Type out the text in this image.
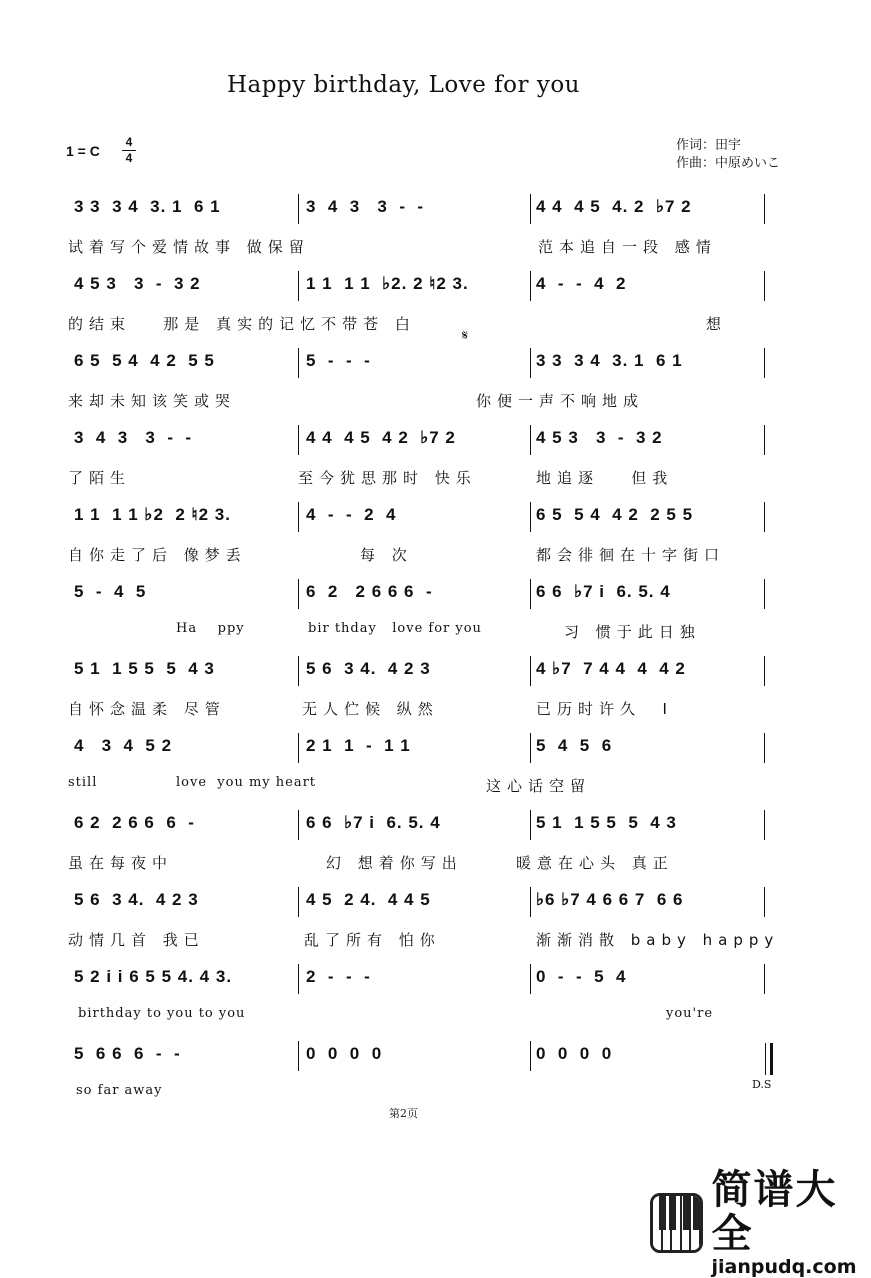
Happy birthday, Love for you
1 = C
4
4
作词：田宇
作曲：中原めいこ
𝄋
3 3  3 4  3. 1  6 1	3  4  3   3  -  -	4 4  4 5  4. 2  ♭7 2
试着写个爱情故事 做保留	范本追自一段 感情
4 5 3   3  -  3 2	1 1  1 1  ♭2. 2 ♮2 3.	4  -  -  4  2
的结束   那是 真实的记忆不带苍 白	想
6 5  5 4  4 2  5 5	5  -  -  -	3 3  3 4  3. 1  6 1
来却未知该笑或哭	你便一声不响地成
3  4  3   3  -  -	4 4  4 5  4 2  ♭7 2	4 5 3   3  -  3 2
了陌生	至今犹思那时 快乐	地追逐   但我
1 1  1 1 ♭2  2 ♮2 3.	4  -  -  2  4	6 5  5 4  4 2  2 5 5
自你走了后 像梦丢	每 次	都会徘徊在十字街口
5  -  4  5	6  2   2 6 6 6  -	6 6  ♭7 i  6. 5. 4
Ha    ppy	bir thday   love for you	习 惯于此日独
5 1  1 5 5  5  4 3	5 6  3 4.  4 2 3	4 ♭7  7 4 4  4  4 2
自怀念温柔 尽管	无人伫候 纵然	已历时许久  I
4   3  4  5 2	2 1  1  -  1 1	5  4  5  6
still	love  you my heart	这心话空留
6 2  2 6 6  6  -	6 6  ♭7 i  6. 5. 4	5 1  1 5 5  5  4 3
虽在每夜中	幻 想着你写出	暖意在心头 真正
5 6  3 4.  4 2 3	4 5  2 4.  4 4 5	♭6 ♭7 4 6 6 7  6 6
动情几首 我已	乱了所有 怕你	渐渐消散 baby happy
5 2 i i 6 5 5 4. 4 3.	2  -  -  -	0  -  -  5  4
birthday to you to you	you're
5  6 6  6  -  -	0  0  0  0	0  0  0  0
so far away	D.S
第2页
简谱大全
jianpudq.com
